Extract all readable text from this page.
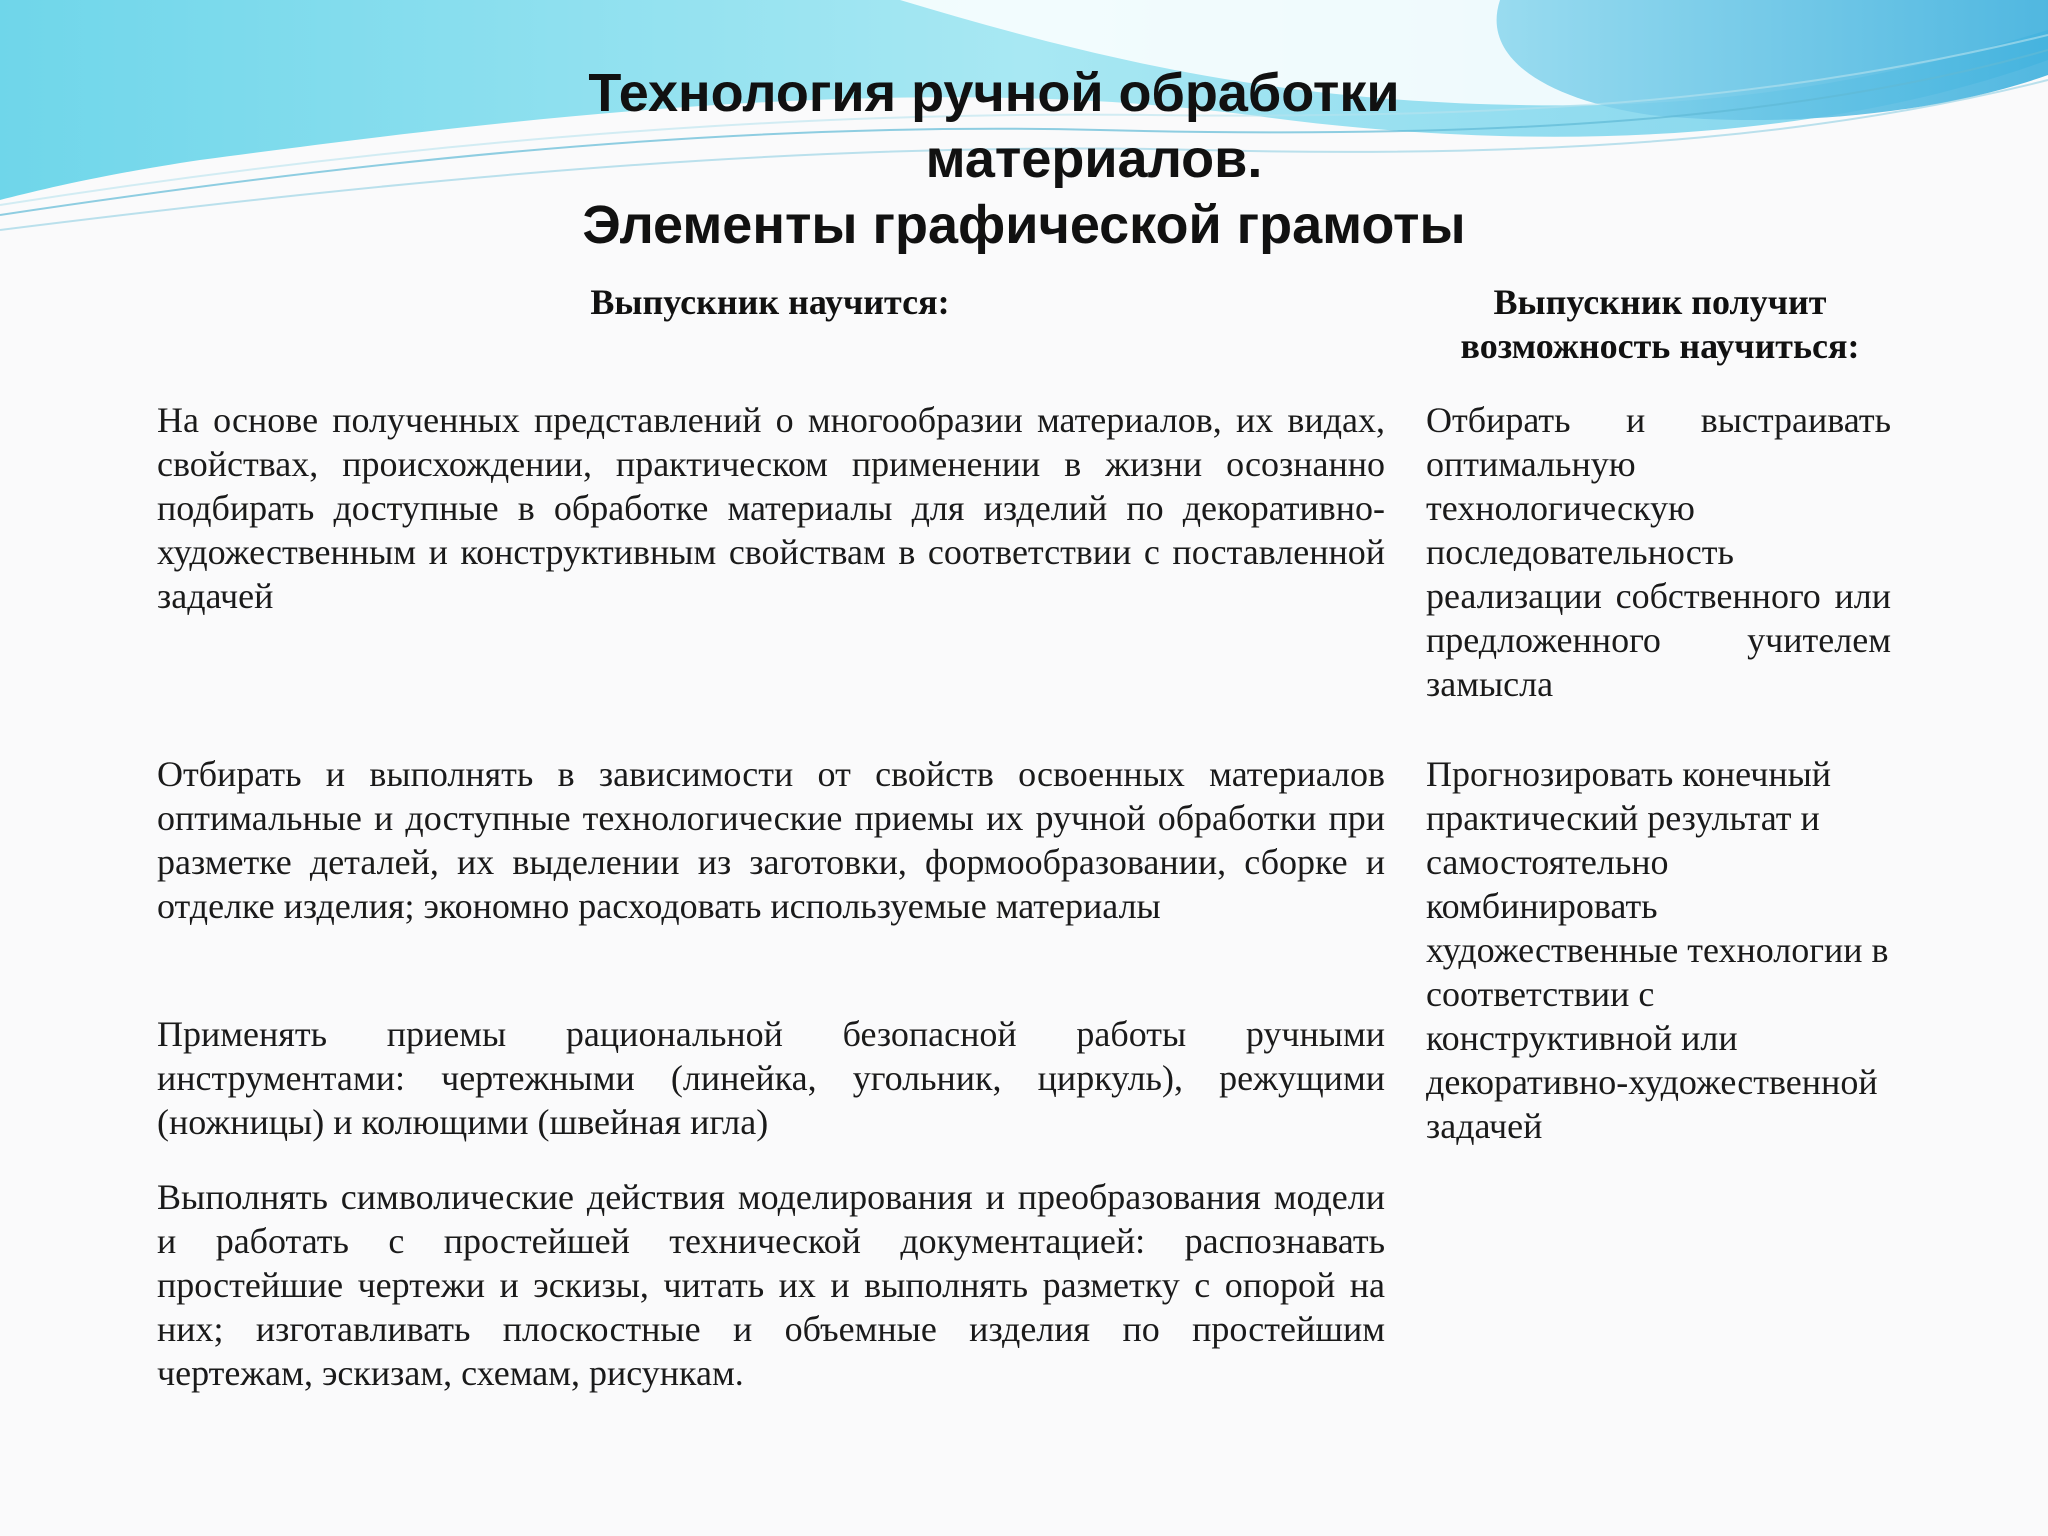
Технология ручной обработки
материалов.
Элементы графической грамоты
Выпускник научится:	Выпускник получит
возможность научиться:

На основе полученных представлений о многообразии материалов, их видах, свойствах, происхождении, практическом применении в жизни осознанно подбирать доступные в обработке материалы для изделий по декоративно-художественным и конструктивным свойствам в соответствии с поставленной задачей

Отбирать и выполнять в зависимости от свойств освоенных материалов оптимальные и доступные технологические приемы их ручной обработки при разметке деталей, их выделении из заготовки, формообразовании, сборке и отделке изделия; экономно расходовать используемые материалы

Применять приемы рациональной безопасной работы ручными инструментами: чертежными (линейка, угольник, циркуль), режущими (ножницы) и колющими (швейная игла)

Выполнять символические действия моделирования и преобразования модели и работать с простейшей технической документацией: распознавать простейшие чертежи и эскизы, читать их и выполнять разметку с опорой на них; изготавливать плоскостные и объемные изделия по простейшим чертежам, эскизам, схемам, рисункам.

Отбирать и выстраивать оптимальную технологическую последовательность реализации собственного или предложенного учителем замысла

Прогнозировать конечный практический результат и самостоятельно комбинировать художественные технологии в соответствии с конструктивной или декоративно-художественной задачей
